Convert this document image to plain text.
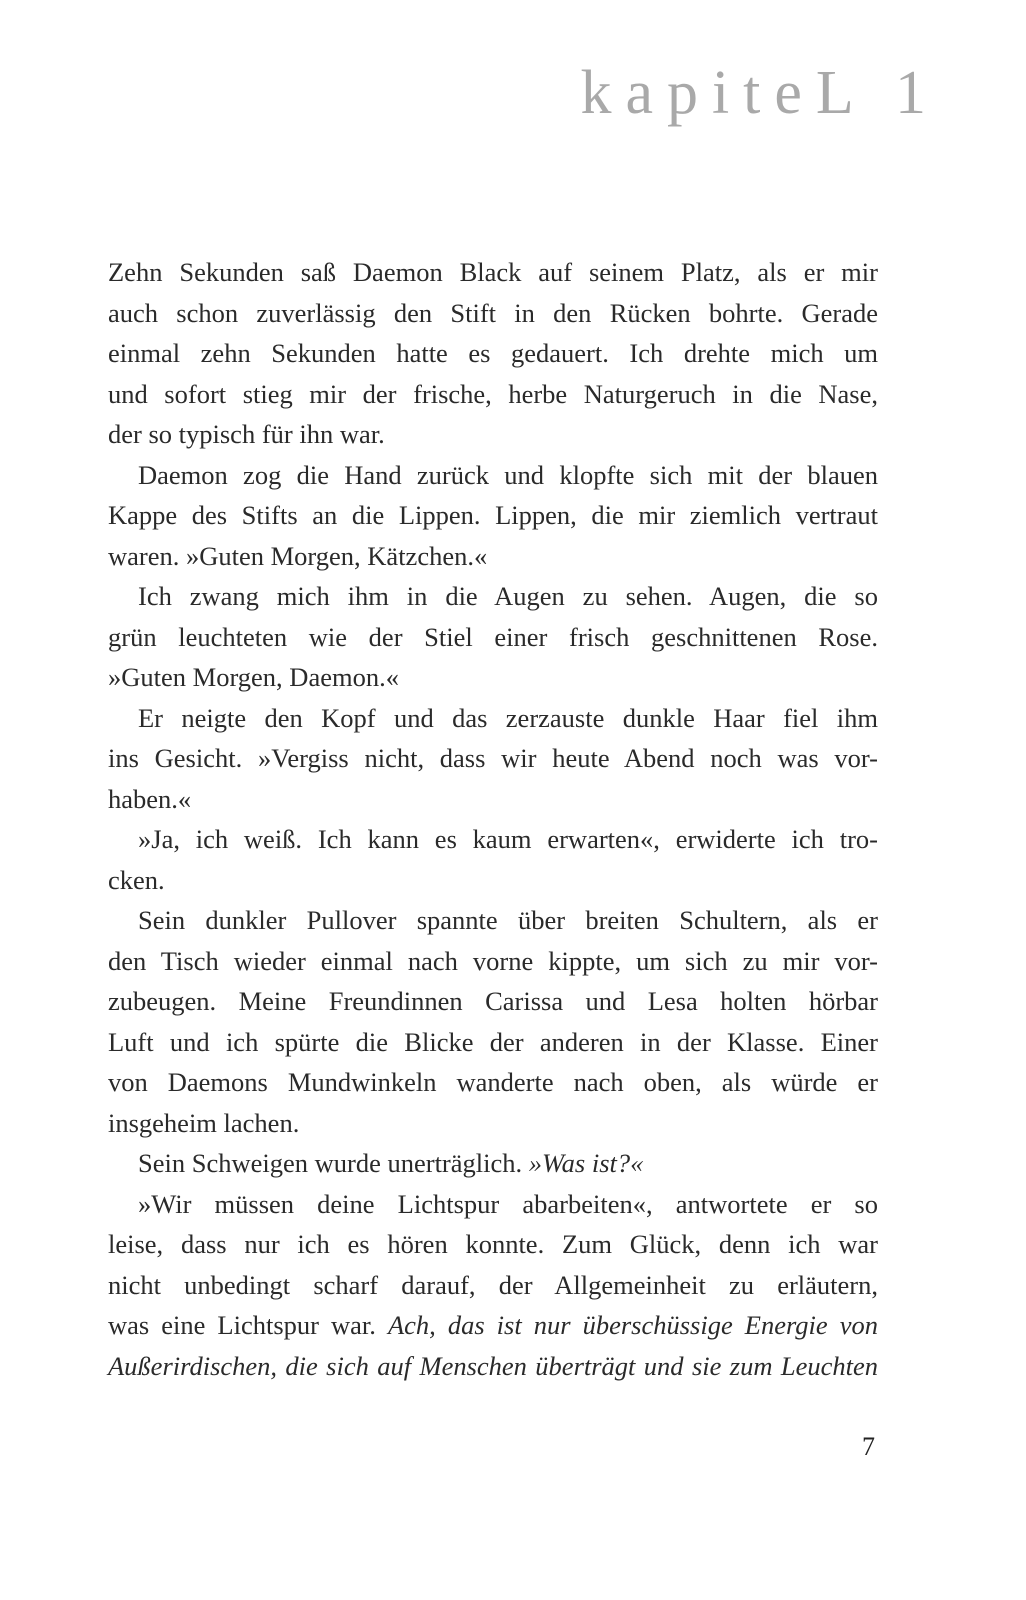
kapiteL 1
Zehn Sekunden saß Daemon Black auf seinem Platz, als er mir
auch schon zuverlässig den Stift in den Rücken bohrte. Gerade
einmal zehn Sekunden hatte es gedauert. Ich drehte mich um
und sofort stieg mir der frische, herbe Naturgeruch in die Nase,
der so typisch für ihn war.
Daemon zog die Hand zurück und klopfte sich mit der blauen
Kappe des Stifts an die Lippen. Lippen, die mir ziemlich vertraut
waren. »Guten Morgen, Kätzchen.«
Ich zwang mich ihm in die Augen zu sehen. Augen, die so
grün leuchteten wie der Stiel einer frisch geschnittenen Rose.
»Guten Morgen, Daemon.«
Er neigte den Kopf und das zerzauste dunkle Haar fiel ihm
ins Gesicht. »Vergiss nicht, dass wir heute Abend noch was vor-
haben.«
»Ja, ich weiß. Ich kann es kaum erwarten«, erwiderte ich tro-
cken.
Sein dunkler Pullover spannte über breiten Schultern, als er
den Tisch wieder einmal nach vorne kippte, um sich zu mir vor-
zubeugen. Meine Freundinnen Carissa und Lesa holten hörbar
Luft und ich spürte die Blicke der anderen in der Klasse. Einer
von Daemons Mundwinkeln wanderte nach oben, als würde er
insgeheim lachen.
Sein Schweigen wurde unerträglich. »Was ist?«
»Wir müssen deine Lichtspur abarbeiten«, antwortete er so
leise, dass nur ich es hören konnte. Zum Glück, denn ich war
nicht unbedingt scharf darauf, der Allgemeinheit zu erläutern,
was eine Lichtspur war. Ach, das ist nur überschüssige Energie von
Außerirdischen, die sich auf Menschen überträgt und sie zum Leuchten
7
